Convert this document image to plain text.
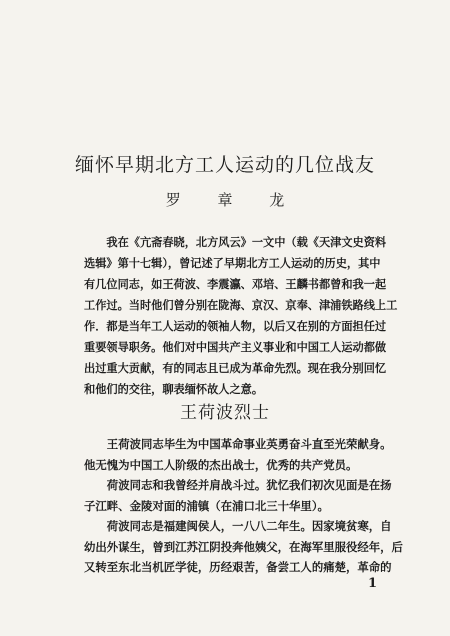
缅怀早期北方工人运动的几位战友
罗 章 龙
我在《亢斋春晓，北方风云》一文中（载《天津文史资料
选辑》第十七辑），曾记述了早期北方工人运动的历史，其中
有几位同志，如王荷波、李震瀛、邓培、王麟书都曾和我一起
工作过。当时他们曾分别在陇海、京汉、京奉、津浦铁路线上工
作．都是当年工人运动的领袖人物，以后又在别的方面担任过
重要领导职务。他们对中国共产主义事业和中国工人运动都做
出过重大贡献，有的同志且已成为革命先烈。现在我分别回忆
和他们的交往，聊表缅怀故人之意。
王荷波烈士
王荷波同志毕生为中国革命事业英勇奋斗直至光荣献身。
他无愧为中国工人阶级的杰出战士，优秀的共产党员。
荷波同志和我曾经并肩战斗过。犹忆我们初次见面是在扬
子江畔、金陵对面的浦镇（在浦口北三十华里）。
荷波同志是福建闽侯人，一八八二年生。因家境贫寒，自
幼出外谋生，曾到江苏江阴投奔他姨父，在海军里服役经年，后
又转至东北当机匠学徒，历经艰苦，备尝工人的痛楚，革命的
1
